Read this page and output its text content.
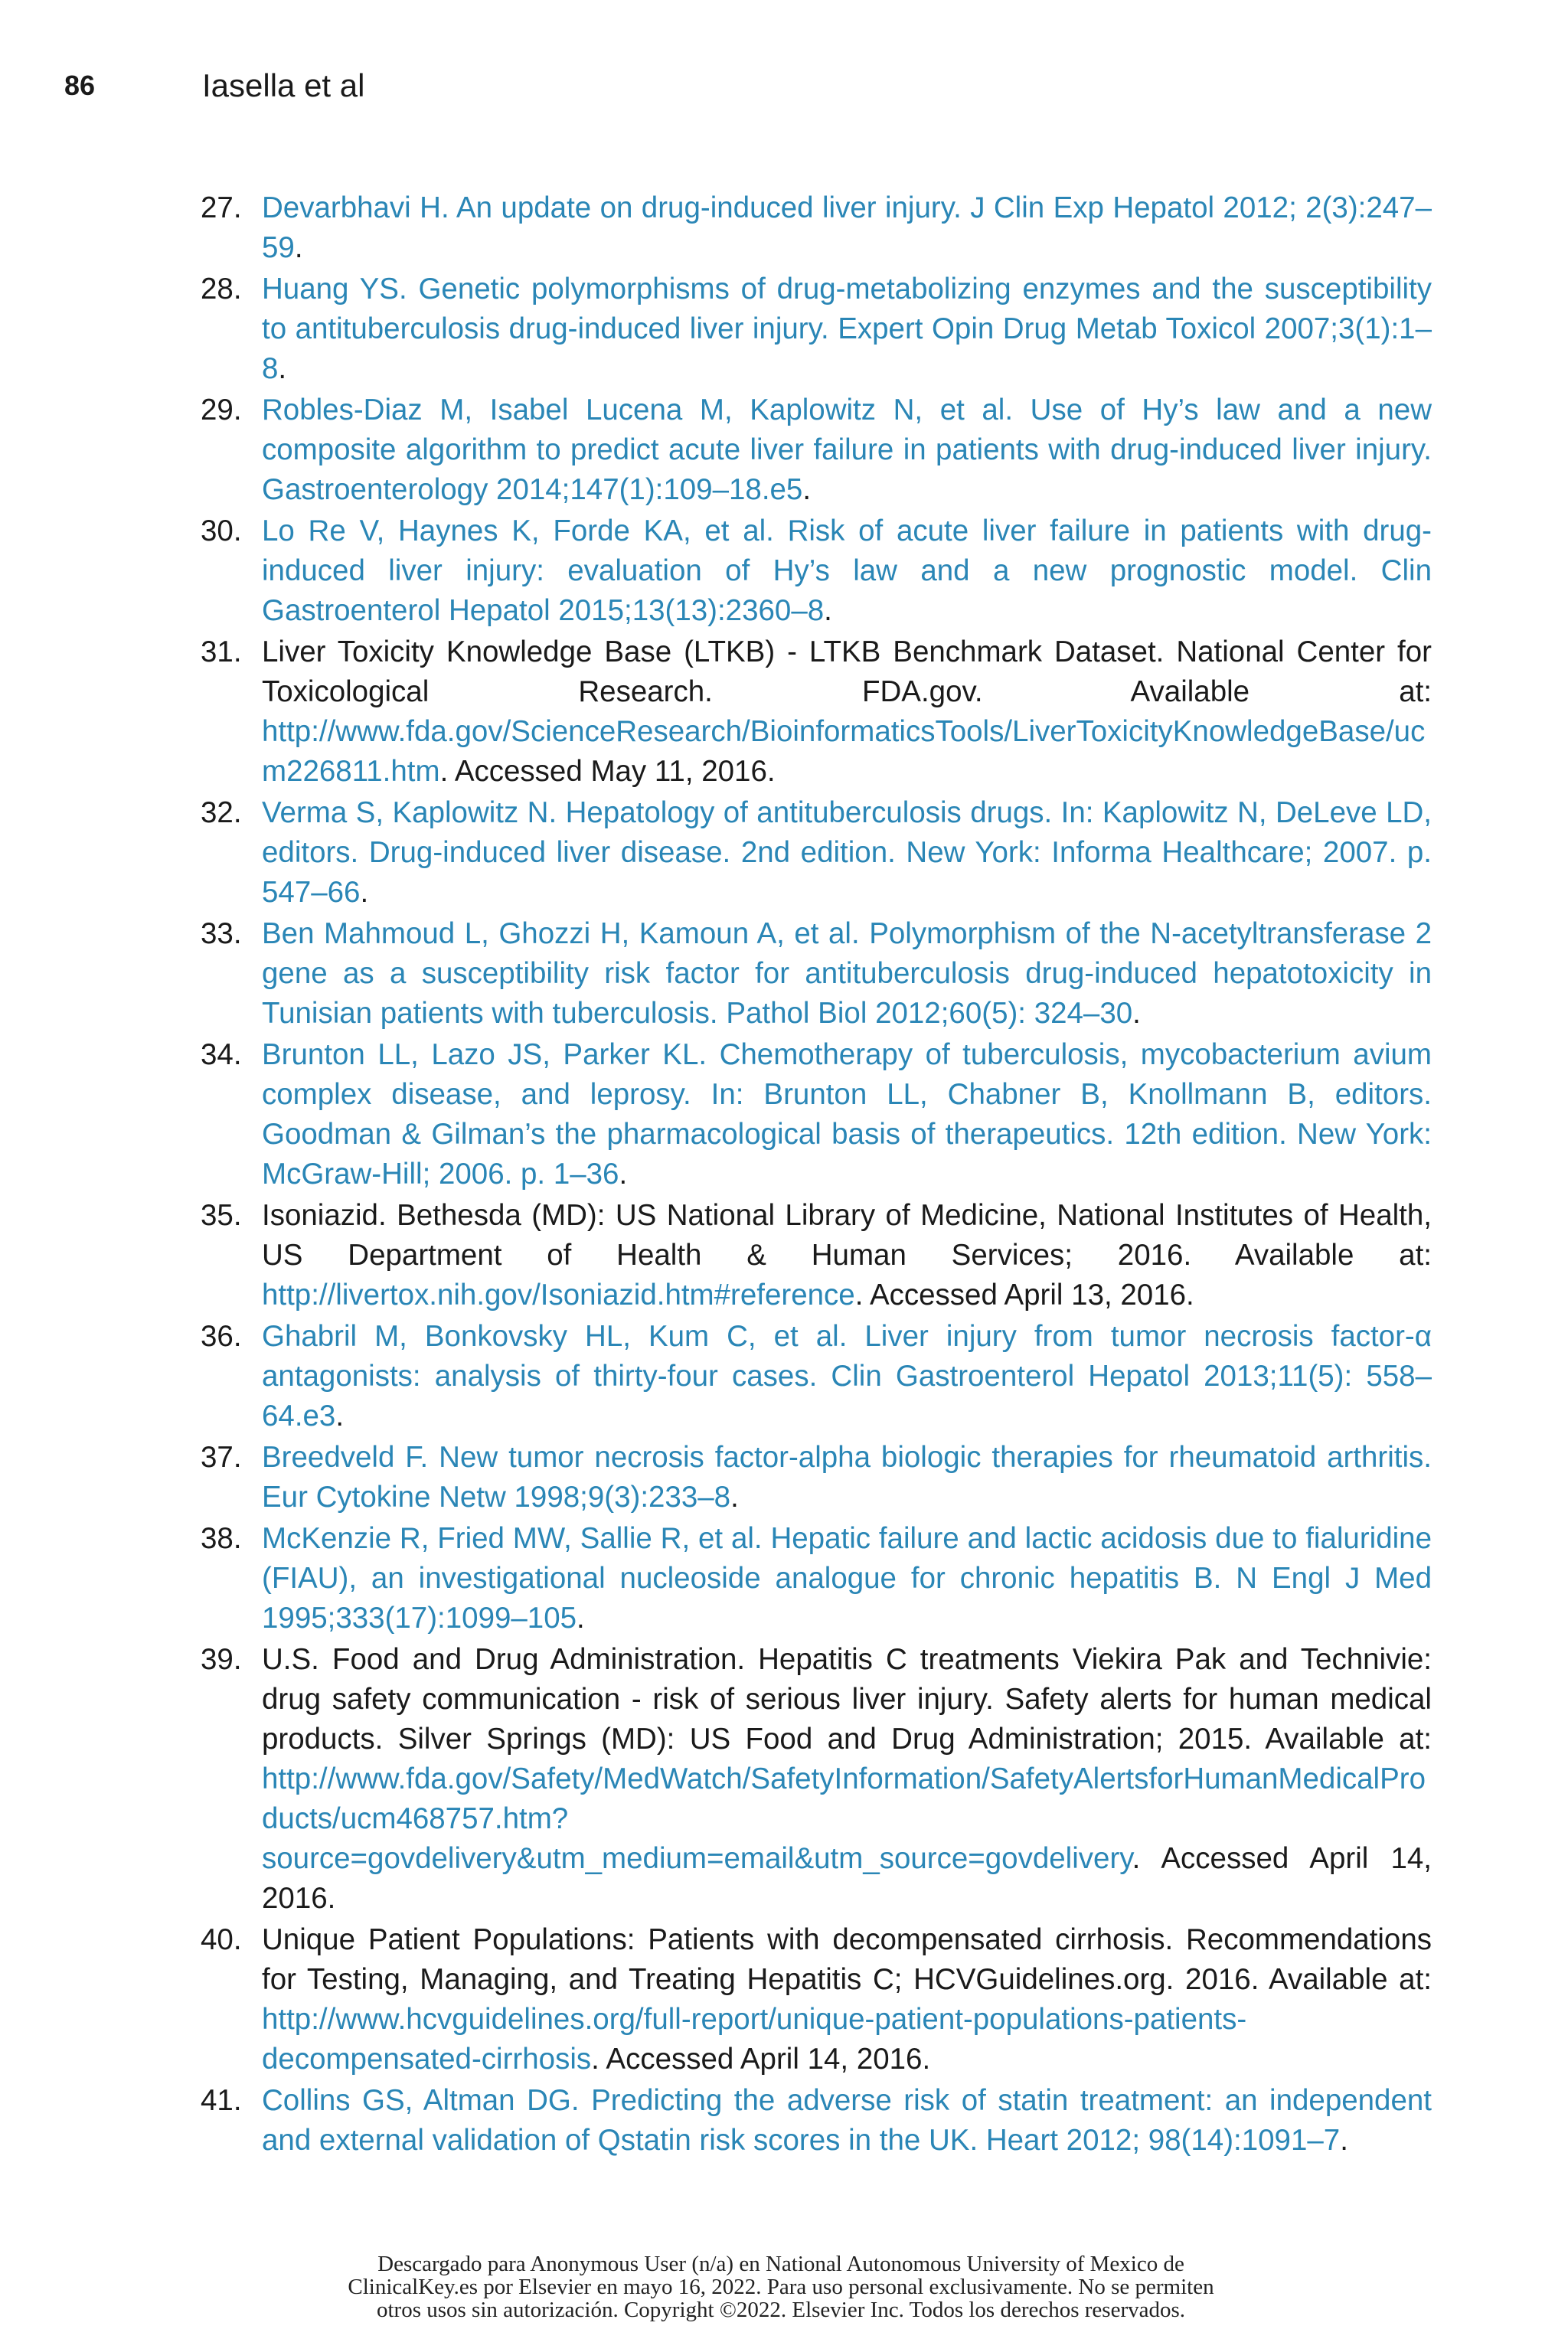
86	Iasella et al
27. Devarbhavi H. An update on drug-induced liver injury. J Clin Exp Hepatol 2012; 2(3):247–59.
28. Huang YS. Genetic polymorphisms of drug-metabolizing enzymes and the susceptibility to antituberculosis drug-induced liver injury. Expert Opin Drug Metab Toxicol 2007;3(1):1–8.
29. Robles-Diaz M, Isabel Lucena M, Kaplowitz N, et al. Use of Hy’s law and a new composite algorithm to predict acute liver failure in patients with drug-induced liver injury. Gastroenterology 2014;147(1):109–18.e5.
30. Lo Re V, Haynes K, Forde KA, et al. Risk of acute liver failure in patients with drug-induced liver injury: evaluation of Hy’s law and a new prognostic model. Clin Gastroenterol Hepatol 2015;13(13):2360–8.
31. Liver Toxicity Knowledge Base (LTKB) - LTKB Benchmark Dataset. National Center for Toxicological Research. FDA.gov. Available at: http://www.fda.gov/ScienceResearch/BioinformaticsTools/LiverToxicityKnowledgeBase/ucm226811.htm. Accessed May 11, 2016.
32. Verma S, Kaplowitz N. Hepatology of antituberculosis drugs. In: Kaplowitz N, DeLeve LD, editors. Drug-induced liver disease. 2nd edition. New York: Informa Healthcare; 2007. p. 547–66.
33. Ben Mahmoud L, Ghozzi H, Kamoun A, et al. Polymorphism of the N-acetyltransferase 2 gene as a susceptibility risk factor for antituberculosis drug-induced hepatotoxicity in Tunisian patients with tuberculosis. Pathol Biol 2012;60(5): 324–30.
34. Brunton LL, Lazo JS, Parker KL. Chemotherapy of tuberculosis, mycobacterium avium complex disease, and leprosy. In: Brunton LL, Chabner B, Knollmann B, editors. Goodman & Gilman’s the pharmacological basis of therapeutics. 12th edition. New York: McGraw-Hill; 2006. p. 1–36.
35. Isoniazid. Bethesda (MD): US National Library of Medicine, National Institutes of Health, US Department of Health & Human Services; 2016. Available at: http://livertox.nih.gov/Isoniazid.htm#reference. Accessed April 13, 2016.
36. Ghabril M, Bonkovsky HL, Kum C, et al. Liver injury from tumor necrosis factor-α antagonists: analysis of thirty-four cases. Clin Gastroenterol Hepatol 2013;11(5): 558–64.e3.
37. Breedveld F. New tumor necrosis factor-alpha biologic therapies for rheumatoid arthritis. Eur Cytokine Netw 1998;9(3):233–8.
38. McKenzie R, Fried MW, Sallie R, et al. Hepatic failure and lactic acidosis due to fialuridine (FIAU), an investigational nucleoside analogue for chronic hepatitis B. N Engl J Med 1995;333(17):1099–105.
39. U.S. Food and Drug Administration. Hepatitis C treatments Viekira Pak and Technivie: drug safety communication - risk of serious liver injury. Safety alerts for human medical products. Silver Springs (MD): US Food and Drug Administration; 2015. Available at: http://www.fda.gov/Safety/MedWatch/SafetyInformation/SafetyAlertsforHumanMedicalProducts/ucm468757.htm?source=govdelivery&utm_medium=email&utm_source=govdelivery. Accessed April 14, 2016.
40. Unique Patient Populations: Patients with decompensated cirrhosis. Recommendations for Testing, Managing, and Treating Hepatitis C; HCVGuidelines.org. 2016. Available at: http://www.hcvguidelines.org/full-report/unique-patient-populations-patients-decompensated-cirrhosis. Accessed April 14, 2016.
41. Collins GS, Altman DG. Predicting the adverse risk of statin treatment: an independent and external validation of Qstatin risk scores in the UK. Heart 2012; 98(14):1091–7.
Descargado para Anonymous User (n/a) en National Autonomous University of Mexico de
ClinicalKey.es por Elsevier en mayo 16, 2022. Para uso personal exclusivamente. No se permiten
otros usos sin autorización. Copyright ©2022. Elsevier Inc. Todos los derechos reservados.
